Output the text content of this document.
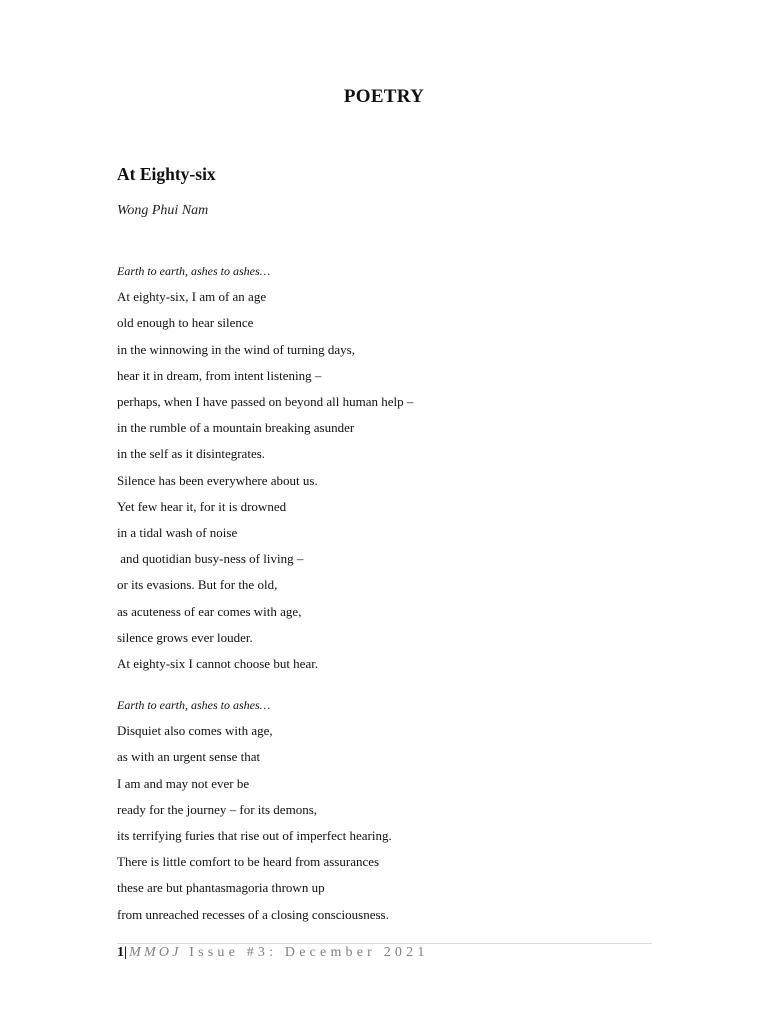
POETRY
At Eighty-six
Wong Phui Nam
Earth to earth, ashes to ashes…
At eighty-six, I am of an age
old enough to hear silence
in the winnowing in the wind of turning days,
hear it in dream, from intent listening –
perhaps, when I have passed on beyond all human help –
in the rumble of a mountain breaking asunder
in the self as it disintegrates.
Silence has been everywhere about us.
Yet few hear it, for it is drowned
in a tidal wash of noise
and quotidian busy-ness of living –
or its evasions. But for the old,
as acuteness of ear comes with age,
silence grows ever louder.
At eighty-six I cannot choose but hear.
Earth to earth, ashes to ashes…
Disquiet also comes with age,
as with an urgent sense that
I am and may not ever be
ready for the journey – for its demons,
its terrifying furies that rise out of imperfect hearing.
There is little comfort to be heard from assurances
these are but phantasmagoria thrown up
from unreached recesses of a closing consciousness.
1| MMOJ Issue #3: December 2021
